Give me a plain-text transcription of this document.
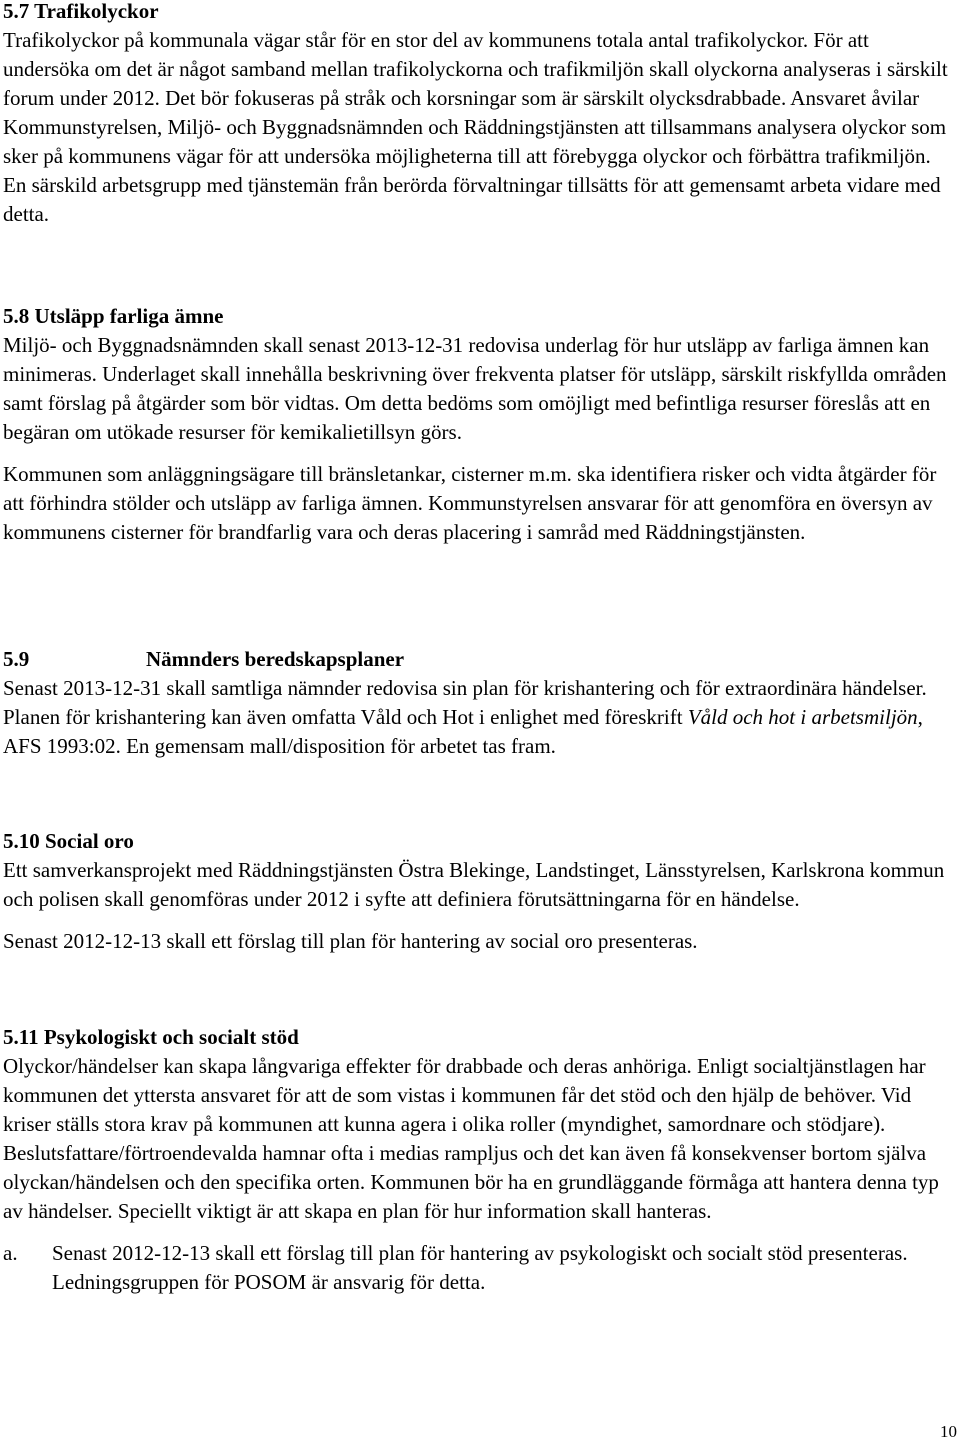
5.7 Trafikolyckor

Trafikolyckor på kommunala vägar står för en stor del av kommunens totala antal trafikolyckor. För att undersöka om det är något samband mellan trafikolyckorna och trafikmiljön skall olyckorna analyseras i särskilt forum under 2012. Det bör fokuseras på stråk och korsningar som är särskilt olycksdrabbade. Ansvaret åvilar Kommunstyrelsen, Miljö- och Byggnadsnämnden och Räddningstjänsten att tillsammans analysera olyckor som sker på kommunens vägar för att undersöka möjligheterna till att förebygga olyckor och förbättra trafikmiljön. En särskild arbetsgrupp med tjänstemän från berörda förvaltningar tillsätts för att gemensamt arbeta vidare med detta.

5.8 Utsläpp farliga ämne

Miljö- och Byggnadsnämnden skall senast 2013-12-31 redovisa underlag för hur utsläpp av farliga ämnen kan minimeras. Underlaget skall innehålla beskrivning över frekventa platser för utsläpp, särskilt riskfyllda områden samt förslag på åtgärder som bör vidtas. Om detta bedöms som omöjligt med befintliga resurser föreslås att en begäran om utökade resurser för kemikalietillsyn görs.

Kommunen som anläggningsägare till bränsletankar, cisterner m.m. ska identifiera risker och vidta åtgärder för att förhindra stölder och utsläpp av farliga ämnen. Kommunstyrelsen ansvarar för att genomföra en översyn av kommunens cisterner för brandfarlig vara och deras placering i samråd med Räddningstjänsten.

5.9	Nämnders beredskapsplaner

Senast 2013-12-31 skall samtliga nämnder redovisa sin plan för krishantering och för extraordinära händelser. Planen för krishantering kan även omfatta Våld och Hot i enlighet med föreskrift Våld och hot i arbetsmiljön, AFS 1993:02. En gemensam mall/disposition för arbetet tas fram.

5.10 Social oro

Ett samverkansprojekt med Räddningstjänsten Östra Blekinge, Landstinget, Länsstyrelsen, Karlskrona kommun och polisen skall genomföras under 2012 i syfte att definiera förutsättningarna för en händelse.

Senast 2012-12-13 skall ett förslag till plan för hantering av social oro presenteras.

5.11 Psykologiskt och socialt stöd

Olyckor/händelser kan skapa långvariga effekter för drabbade och deras anhöriga. Enligt socialtjänstlagen har kommunen det yttersta ansvaret för att de som vistas i kommunen får det stöd och den hjälp de behöver. Vid kriser ställs stora krav på kommunen att kunna agera i olika roller (myndighet, samordnare och stödjare). Beslutsfattare/förtroendevalda hamnar ofta i medias rampljus och det kan även få konsekvenser bortom själva olyckan/händelsen och den specifika orten. Kommunen bör ha en grundläggande förmåga att hantera denna typ av händelser. Speciellt viktigt är att skapa en plan för hur information skall hanteras.

a.	Senast 2012-12-13 skall ett förslag till plan för hantering av psykologiskt och socialt stöd presenteras. Ledningsgruppen för POSOM är ansvarig för detta.
10
